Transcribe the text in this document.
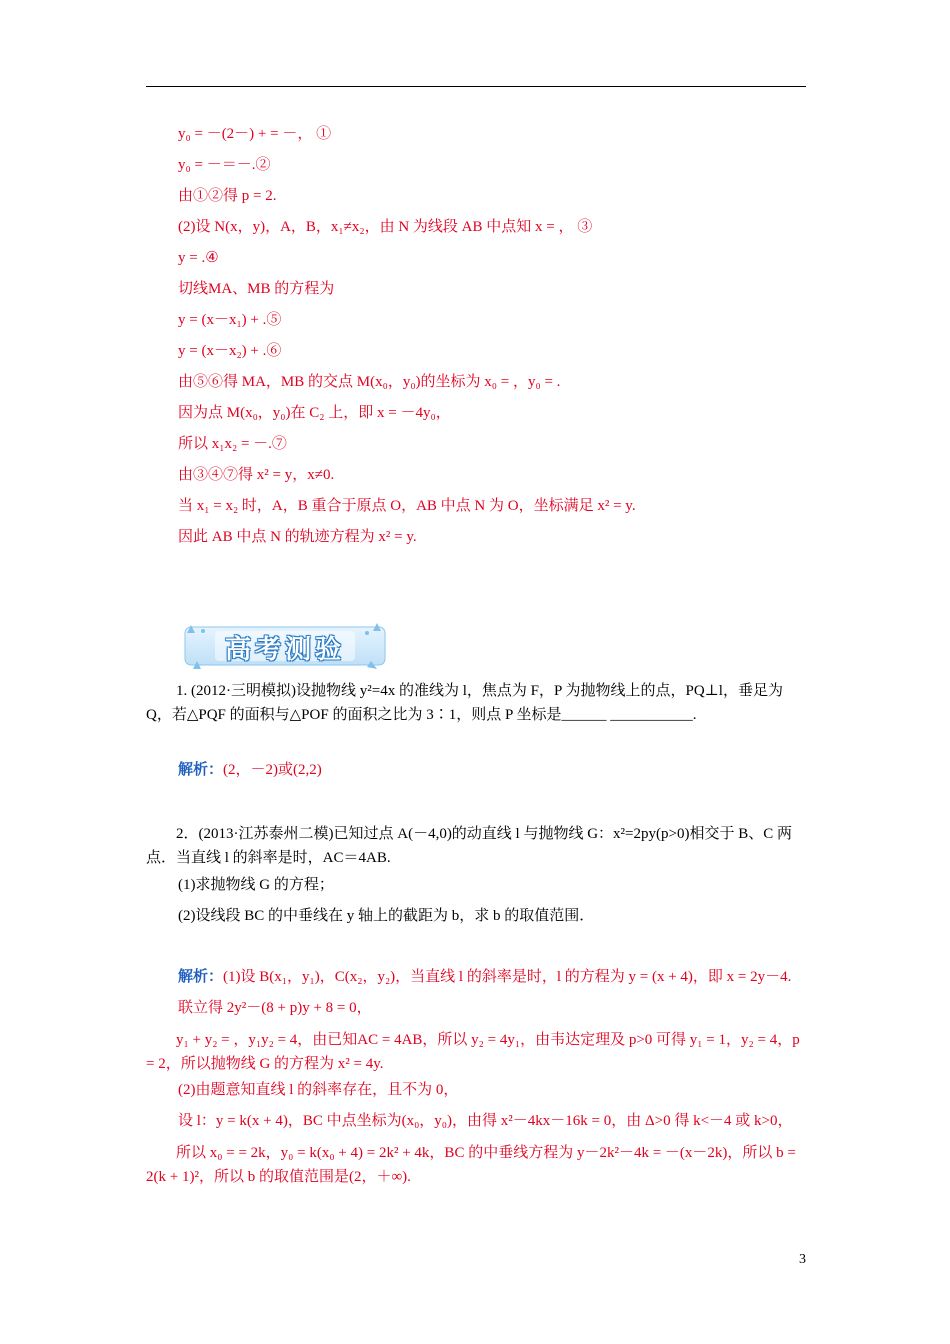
y₀ = －(2－) + = －， ①
y₀ = －＝－.②
由①②得 p = 2.
(2)设 N(x，y)，A，B，x₁≠x₂，由 N 为线段 AB 中点知 x = ， ③
y = .④
切线MA、MB 的方程为
y = (x－x₁) + .⑤
y = (x－x₂) + .⑥
由⑤⑥得 MA，MB 的交点 M(x₀，y₀)的坐标为 x₀ = ，y₀ = .
因为点 M(x₀，y₀)在 C₂ 上，即 x = －4y₀，
所以 x₁x₂ = －.⑦
由③④⑦得 x² = y，x≠0.
当 x₁ = x₂ 时，A，B 重合于原点 O，AB 中点 N 为 O，坐标满足 x² = y.
因此 AB 中点 N 的轨迹方程为 x² = y.
高考测验
1. (2012·三明模拟)设抛物线 y²=4x 的准线为 l，焦点为 F，P 为抛物线上的点，PQ⊥l，垂足为 Q，若△PQF 的面积与△POF 的面积之比为 3∶1，则点 P 坐标是______ ___________.
解析：(2，－2)或(2,2)
2．(2013·江苏泰州二模)已知过点 A(－4,0)的动直线 l 与抛物线 G：x²=2py(p>0)相交于 B、C 两点．当直线 l 的斜率是时，AC＝4AB.
(1)求抛物线 G 的方程；
(2)设线段 BC 的中垂线在 y 轴上的截距为 b，求 b 的取值范围．
解析：(1)设 B(x₁，y₁)，C(x₂，y₂)，当直线 l 的斜率是时，l 的方程为 y = (x + 4)，即 x = 2y－4.
联立得 2y²－(8 + p)y + 8 = 0，
y₁ + y₂ = ，y₁y₂ = 4，由已知AC = 4AB，所以 y₂ = 4y₁，由韦达定理及 p>0 可得 y₁ = 1，y₂ = 4，p = 2，所以抛物线 G 的方程为 x² = 4y.
(2)由题意知直线 l 的斜率存在，且不为 0，
设 l：y = k(x + 4)，BC 中点坐标为(x₀，y₀)，由得 x²－4kx－16k = 0，由 Δ>0 得 k<－4 或 k>0，
所以 x₀ = = 2k，y₀ = k(x₀ + 4) = 2k² + 4k，BC 的中垂线方程为 y－2k²－4k = －(x－2k)，所以 b = 2(k + 1)²，所以 b 的取值范围是(2，＋∞).
3
